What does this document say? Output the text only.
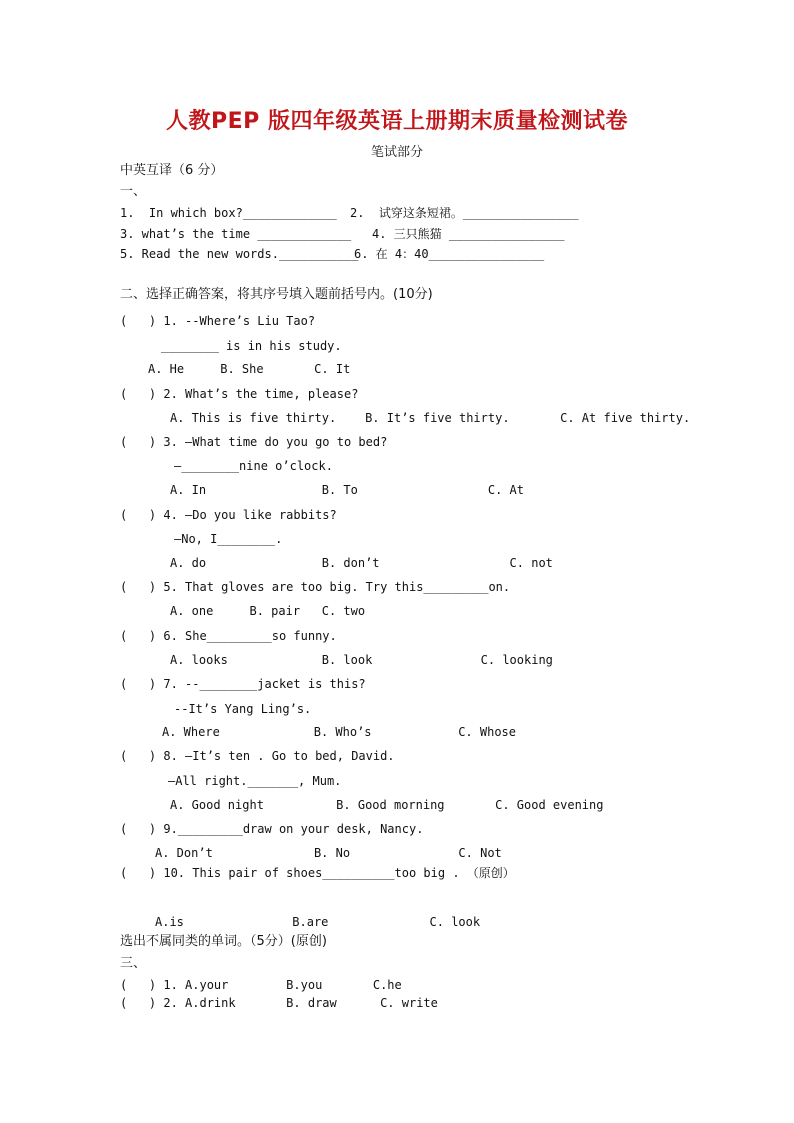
人教PEP 版四年级英语上册期末质量检测试卷
笔试部分
中英互译（6 分）
一、
1.  In which box?_____________ 2.  试穿这条短裙。________________
3. what’s the time _____________ 4. 三只熊猫 ________________
5. Read the new words.___________
6. 在 4：40________________
二、选择正确答案，将其序号填入题前括号内。(10分)
(   ) 1. --Where’s Liu Tao?
________ is in his study.
A. He     B. She       C. It
(   ) 2. What’s the time, please?
A. This is five thirty.    B. It’s five thirty.       C. At five thirty.
(   ) 3. —What time do you go to bed?
—________nine o’clock.
A. In                B. To                  C. At
(   ) 4. —Do you like rabbits?
—No, I________.
A. do                B. don’t                  C. not
(   ) 5. That gloves are too big. Try this_________on.
A. one     B. pair   C. two
(   ) 6. She_________so funny.
A. looks             B. look               C. looking
(   ) 7. --________jacket is this?
--It’s Yang Ling’s.
A. Where             B. Who’s            C. Whose
(   ) 8. —It’s ten . Go to bed, David.
—All right._______, Mum.
A. Good night          B. Good morning       C. Good evening
(   ) 9._________draw on your desk, Nancy.
A. Don’t              B. No               C. Not
(   ) 10. This pair of shoes__________too big . （原创）
A.is               B.are              C. look
选出不属同类的单词。（5分）(原创)
三、
(   ) 1. A.your        B.you       C.he
(   ) 2. A.drink       B. draw      C. write
